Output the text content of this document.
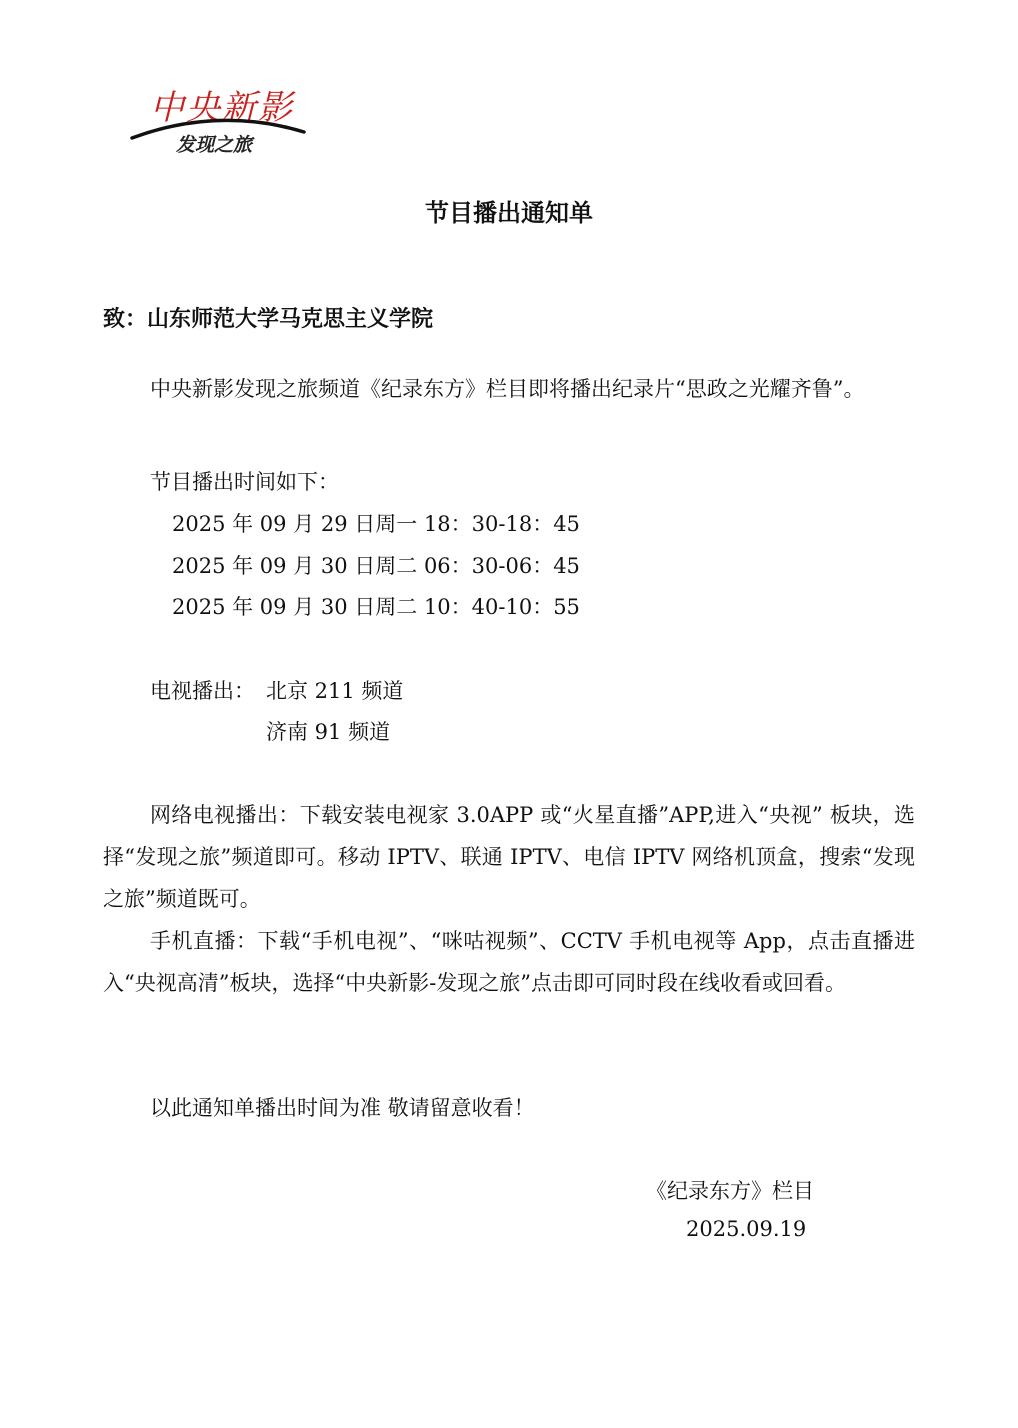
中央新影
发现之旅
节目播出通知单
致：山东师范大学马克思主义学院
中央新影发现之旅频道《纪录东方》栏目即将播出纪录片“思政之光耀齐鲁”。
节目播出时间如下：
2025 年 09 月 29 日周一 18：30-18：45
2025 年 09 月 30 日周二 06：30-06：45
2025 年 09 月 30 日周二 10：40-10：55
电视播出： 北京 211 频道
济南 91 频道
网络电视播出：下载安装电视家 3.0APP 或“火星直播”APP,进入“央视” 板块，选择“发现之旅”频道即可。移动 IPTV、联通 IPTV、电信 IPTV 网络机顶盒，搜索“发现之旅”频道既可。
手机直播：下载“手机电视”、“咪咕视频”、CCTV 手机电视等 App，点击直播进入“央视高清”板块，选择“中央新影-发现之旅”点击即可同时段在线收看或回看。
以此通知单播出时间为准 敬请留意收看！
《纪录东方》栏目
2025.09.19
